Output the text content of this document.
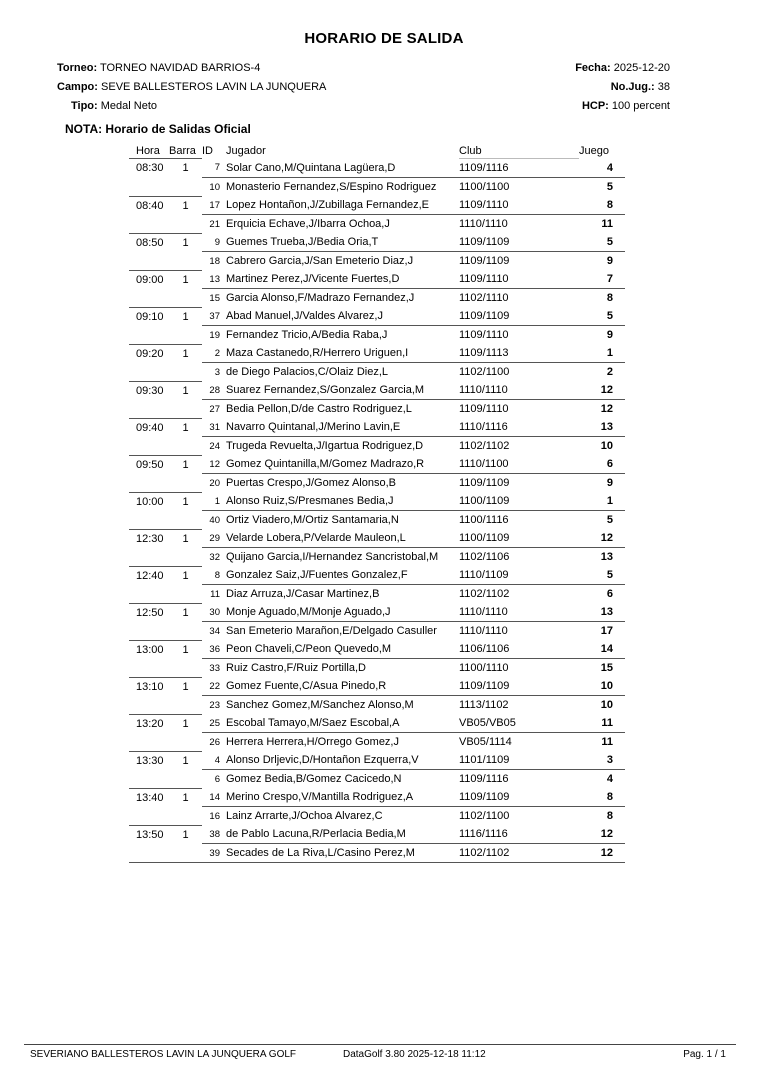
HORARIO DE SALIDA
Torneo: TORNEO NAVIDAD BARRIOS-4
Campo: SEVE BALLESTEROS LAVIN LA JUNQUERA
Tipo: Medal Neto
Fecha: 2025-12-20
No.Jug.: 38
HCP: 100 percent
NOTA: Horario de Salidas Oficial
Hora	Barra	ID	Jugador	Club	Juego
08:30	1	7	Solar Cano,M/Quintana Lagüera,D	1109/1116	4
		10	Monasterio Fernandez,S/Espino Rodriguez	1100/1100	5
08:40	1	17	Lopez Hontañon,J/Zubillaga Fernandez,E	1109/1110	8
		21	Erquicia Echave,J/Ibarra Ochoa,J	1110/1110	11
08:50	1	9	Guemes Trueba,J/Bedia Oria,T	1109/1109	5
		18	Cabrero Garcia,J/San Emeterio Diaz,J	1109/1109	9
09:00	1	13	Martinez Perez,J/Vicente Fuertes,D	1109/1110	7
		15	Garcia Alonso,F/Madrazo Fernandez,J	1102/1110	8
09:10	1	37	Abad Manuel,J/Valdes Alvarez,J	1109/1109	5
		19	Fernandez Tricio,A/Bedia Raba,J	1109/1110	9
09:20	1	2	Maza Castanedo,R/Herrero Uriguen,I	1109/1113	1
		3	de Diego Palacios,C/Olaiz Diez,L	1102/1100	2
09:30	1	28	Suarez Fernandez,S/Gonzalez Garcia,M	1110/1110	12
		27	Bedia Pellon,D/de Castro Rodriguez,L	1109/1110	12
09:40	1	31	Navarro Quintanal,J/Merino Lavin,E	1110/1116	13
		24	Trugeda Revuelta,J/Igartua Rodriguez,D	1102/1102	10
09:50	1	12	Gomez Quintanilla,M/Gomez Madrazo,R	1110/1100	6
		20	Puertas Crespo,J/Gomez Alonso,B	1109/1109	9
10:00	1	1	Alonso Ruiz,S/Presmanes Bedia,J	1100/1109	1
		40	Ortiz Viadero,M/Ortiz Santamaria,N	1100/1116	5
12:30	1	29	Velarde Lobera,P/Velarde Mauleon,L	1100/1109	12
		32	Quijano Garcia,I/Hernandez Sancristobal,M	1102/1106	13
12:40	1	8	Gonzalez Saiz,J/Fuentes Gonzalez,F	1110/1109	5
		11	Diaz Arruza,J/Casar Martinez,B	1102/1102	6
12:50	1	30	Monje Aguado,M/Monje Aguado,J	1110/1110	13
		34	San Emeterio Marañon,E/Delgado Casuller	1110/1110	17
13:00	1	36	Peon Chaveli,C/Peon Quevedo,M	1106/1106	14
		33	Ruiz Castro,F/Ruiz Portilla,D	1100/1110	15
13:10	1	22	Gomez Fuente,C/Asua Pinedo,R	1109/1109	10
		23	Sanchez Gomez,M/Sanchez Alonso,M	1113/1102	10
13:20	1	25	Escobal Tamayo,M/Saez Escobal,A	VB05/VB05	11
		26	Herrera Herrera,H/Orrego Gomez,J	VB05/1114	11
13:30	1	4	Alonso Drljevic,D/Hontañon Ezquerra,V	1101/1109	3
		6	Gomez Bedia,B/Gomez Cacicedo,N	1109/1116	4
13:40	1	14	Merino Crespo,V/Mantilla Rodriguez,A	1109/1109	8
		16	Lainz Arrarte,J/Ochoa Alvarez,C	1102/1100	8
13:50	1	38	de Pablo Lacuna,R/Perlacia Bedia,M	1116/1116	12
		39	Secades de La Riva,L/Casino Perez,M	1102/1102	12
SEVERIANO BALLESTEROS LAVIN LA JUNQUERA GOLF	DataGolf 3.80 2025-12-18 11:12	Pag. 1 / 1
